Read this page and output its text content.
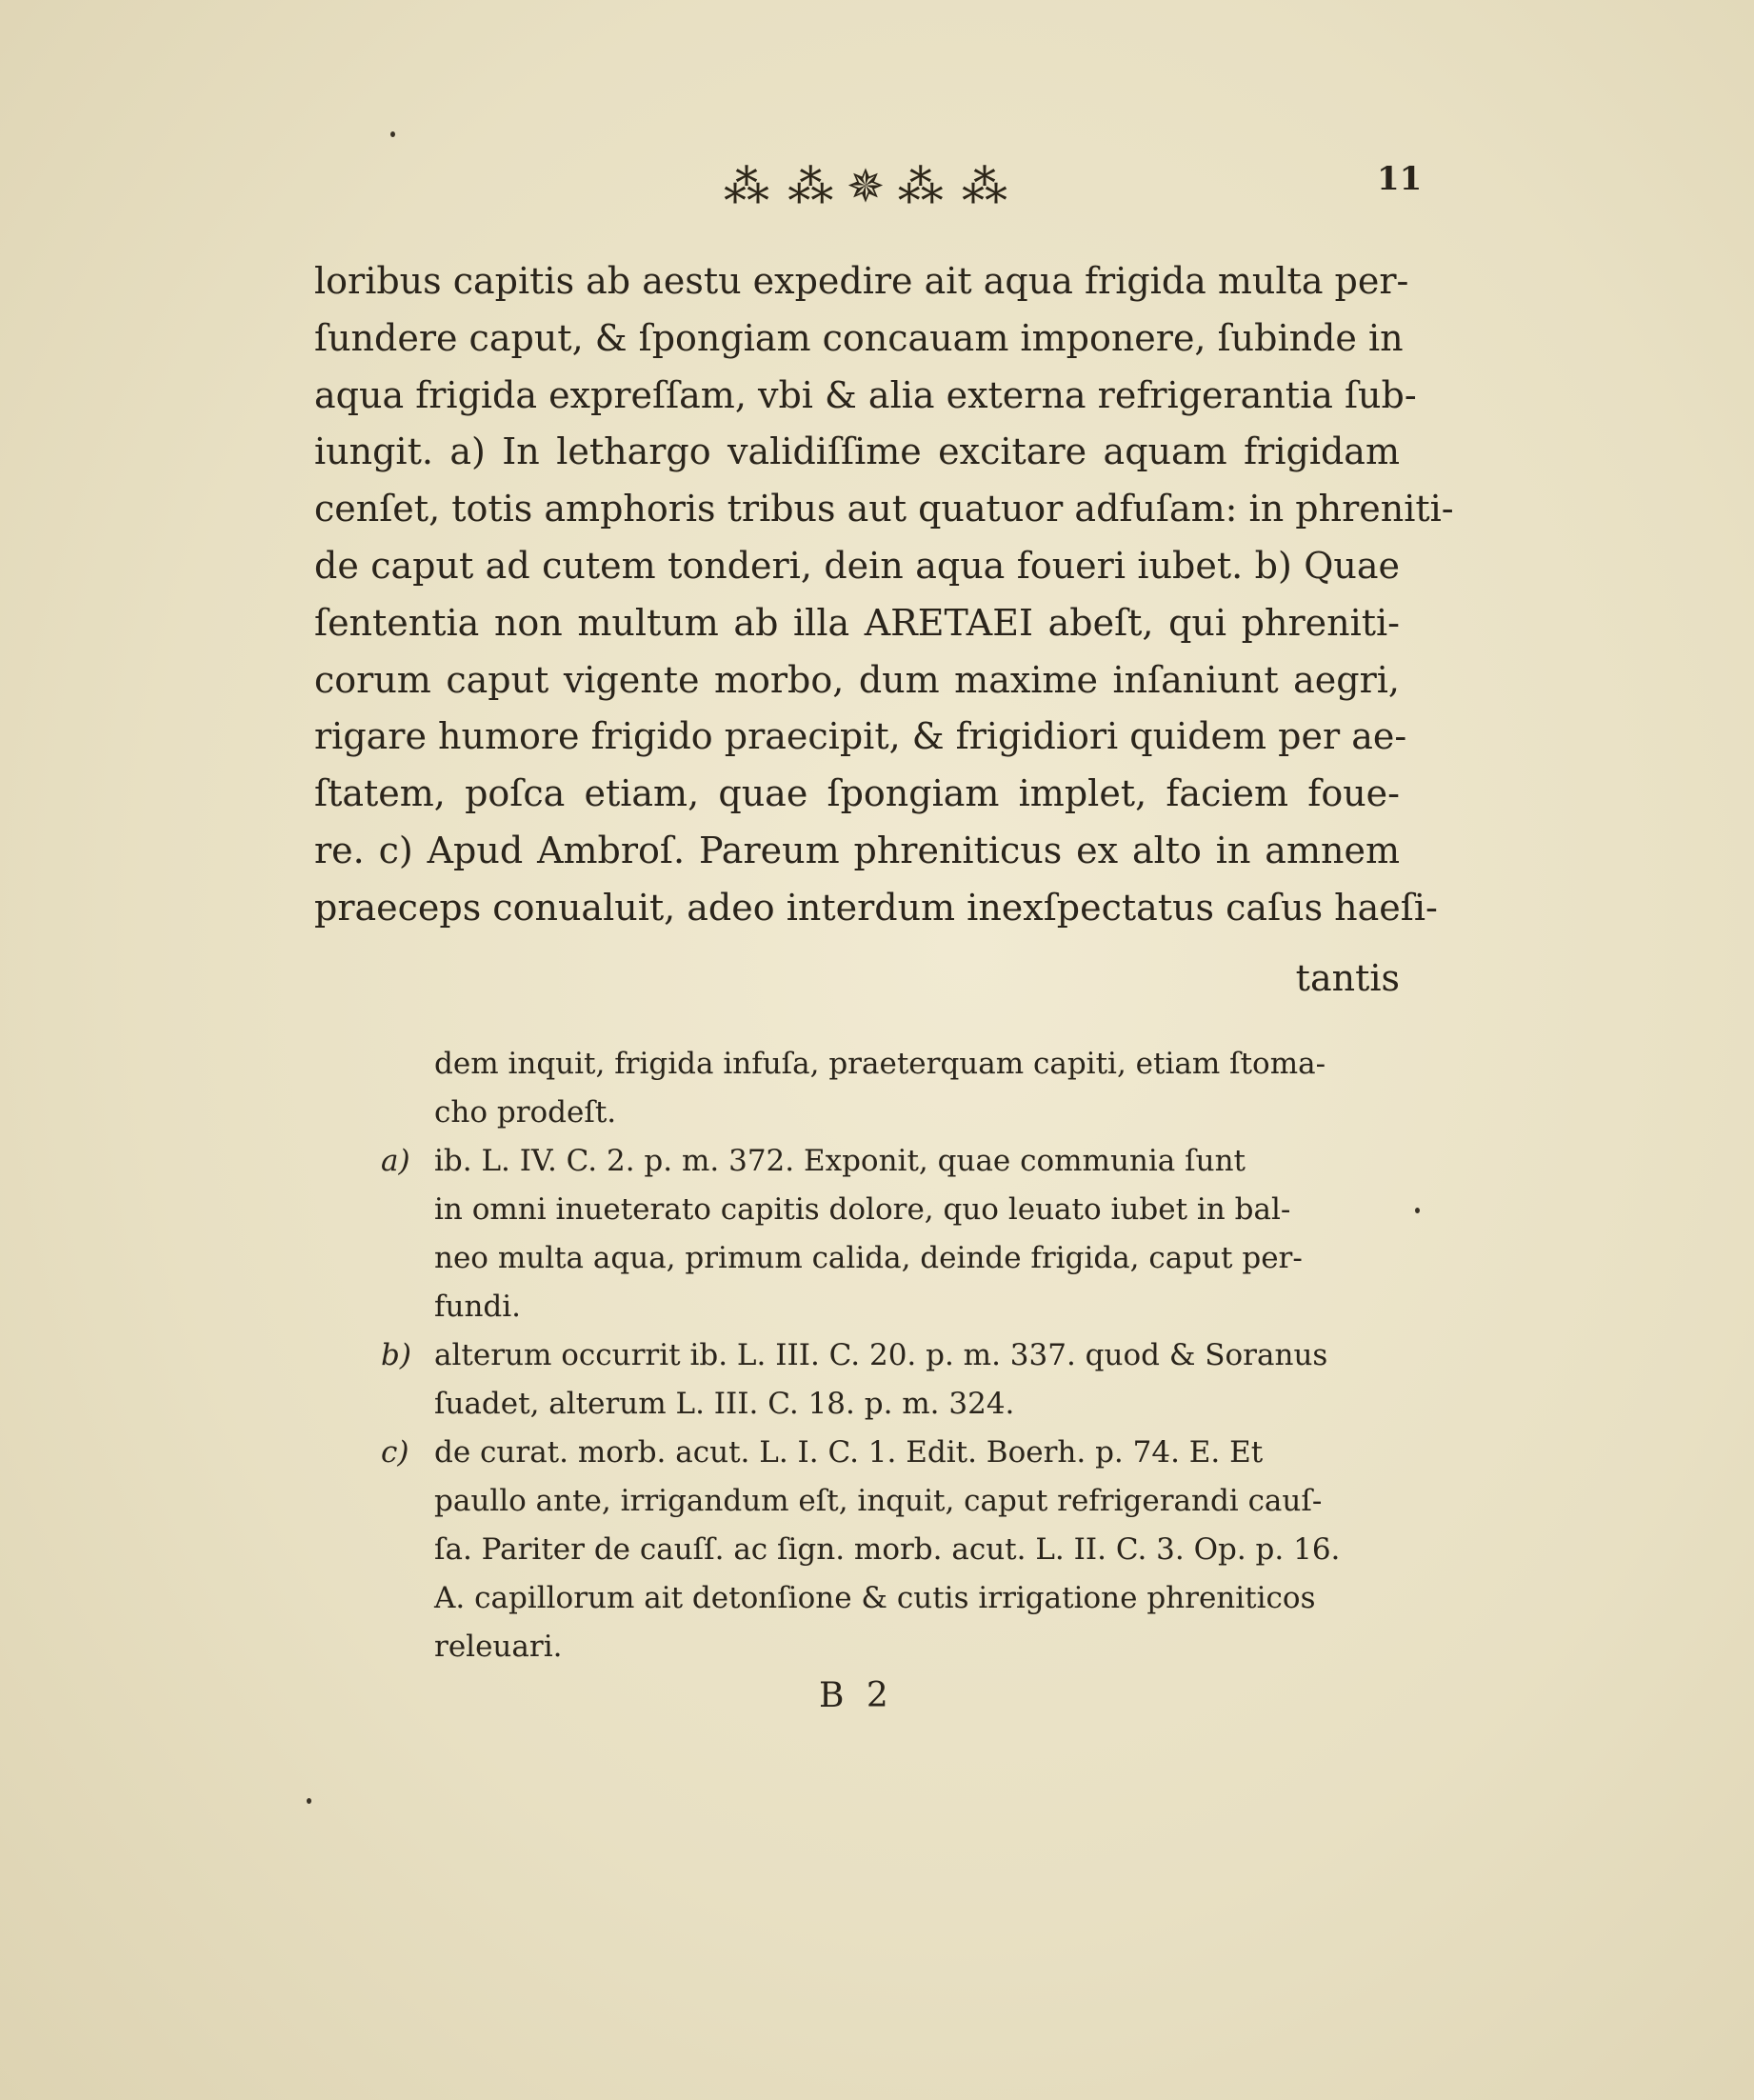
⁂ ⁂ ✵ ⁂ ⁂	11
loribus capitis ab aestu expedire ait aqua frigida multa per-
ſundere caput, & ſpongiam concauam imponere, ſubinde in
aqua frigida expreſſam, vbi & alia externa refrigerantia ſub-
iungit. a) In lethargo validiſſime excitare aquam frigidam
cenſet, totis amphoris tribus aut quatuor adfuſam: in phreniti-
de caput ad cutem tonderi, dein aqua foueri iubet. b) Quae
ſententia non multum ab illa ARETAEI abeſt, qui phreniti-
corum caput vigente morbo, dum maxime inſaniunt aegri,
rigare humore frigido praecipit, & frigidiori quidem per ae-
ſtatem, poſca etiam, quae ſpongiam implet, faciem foue-
re. c) Apud Ambroſ. Pareum phreniticus ex alto in amnem
praeceps conualuit, adeo interdum inexſpectatus caſus haeſi-
tantis
dem inquit, frigida infuſa, praeterquam capiti, etiam ſtoma-
cho prodeſt.
a) ib. L. IV. C. 2. p. m. 372. Exponit, quae communia ſunt
in omni inueterato capitis dolore, quo leuato iubet in bal-
neo multa aqua, primum calida, deinde frigida, caput per-
fundi.
b) alterum occurrit ib. L. III. C. 20. p. m. 337. quod & Soranus
ſuadet, alterum L. III. C. 18. p. m. 324.
c) de curat. morb. acut. L. I. C. 1. Edit. Boerh. p. 74. E. Et
paullo ante, irrigandum eſt, inquit, caput refrigerandi cauſ-
ſa. Pariter de cauſſ. ac ſign. morb. acut. L. II. C. 3. Op. p. 16.
A. capillorum ait detonſione & cutis irrigatione phreniticos
releuari.
B 2
